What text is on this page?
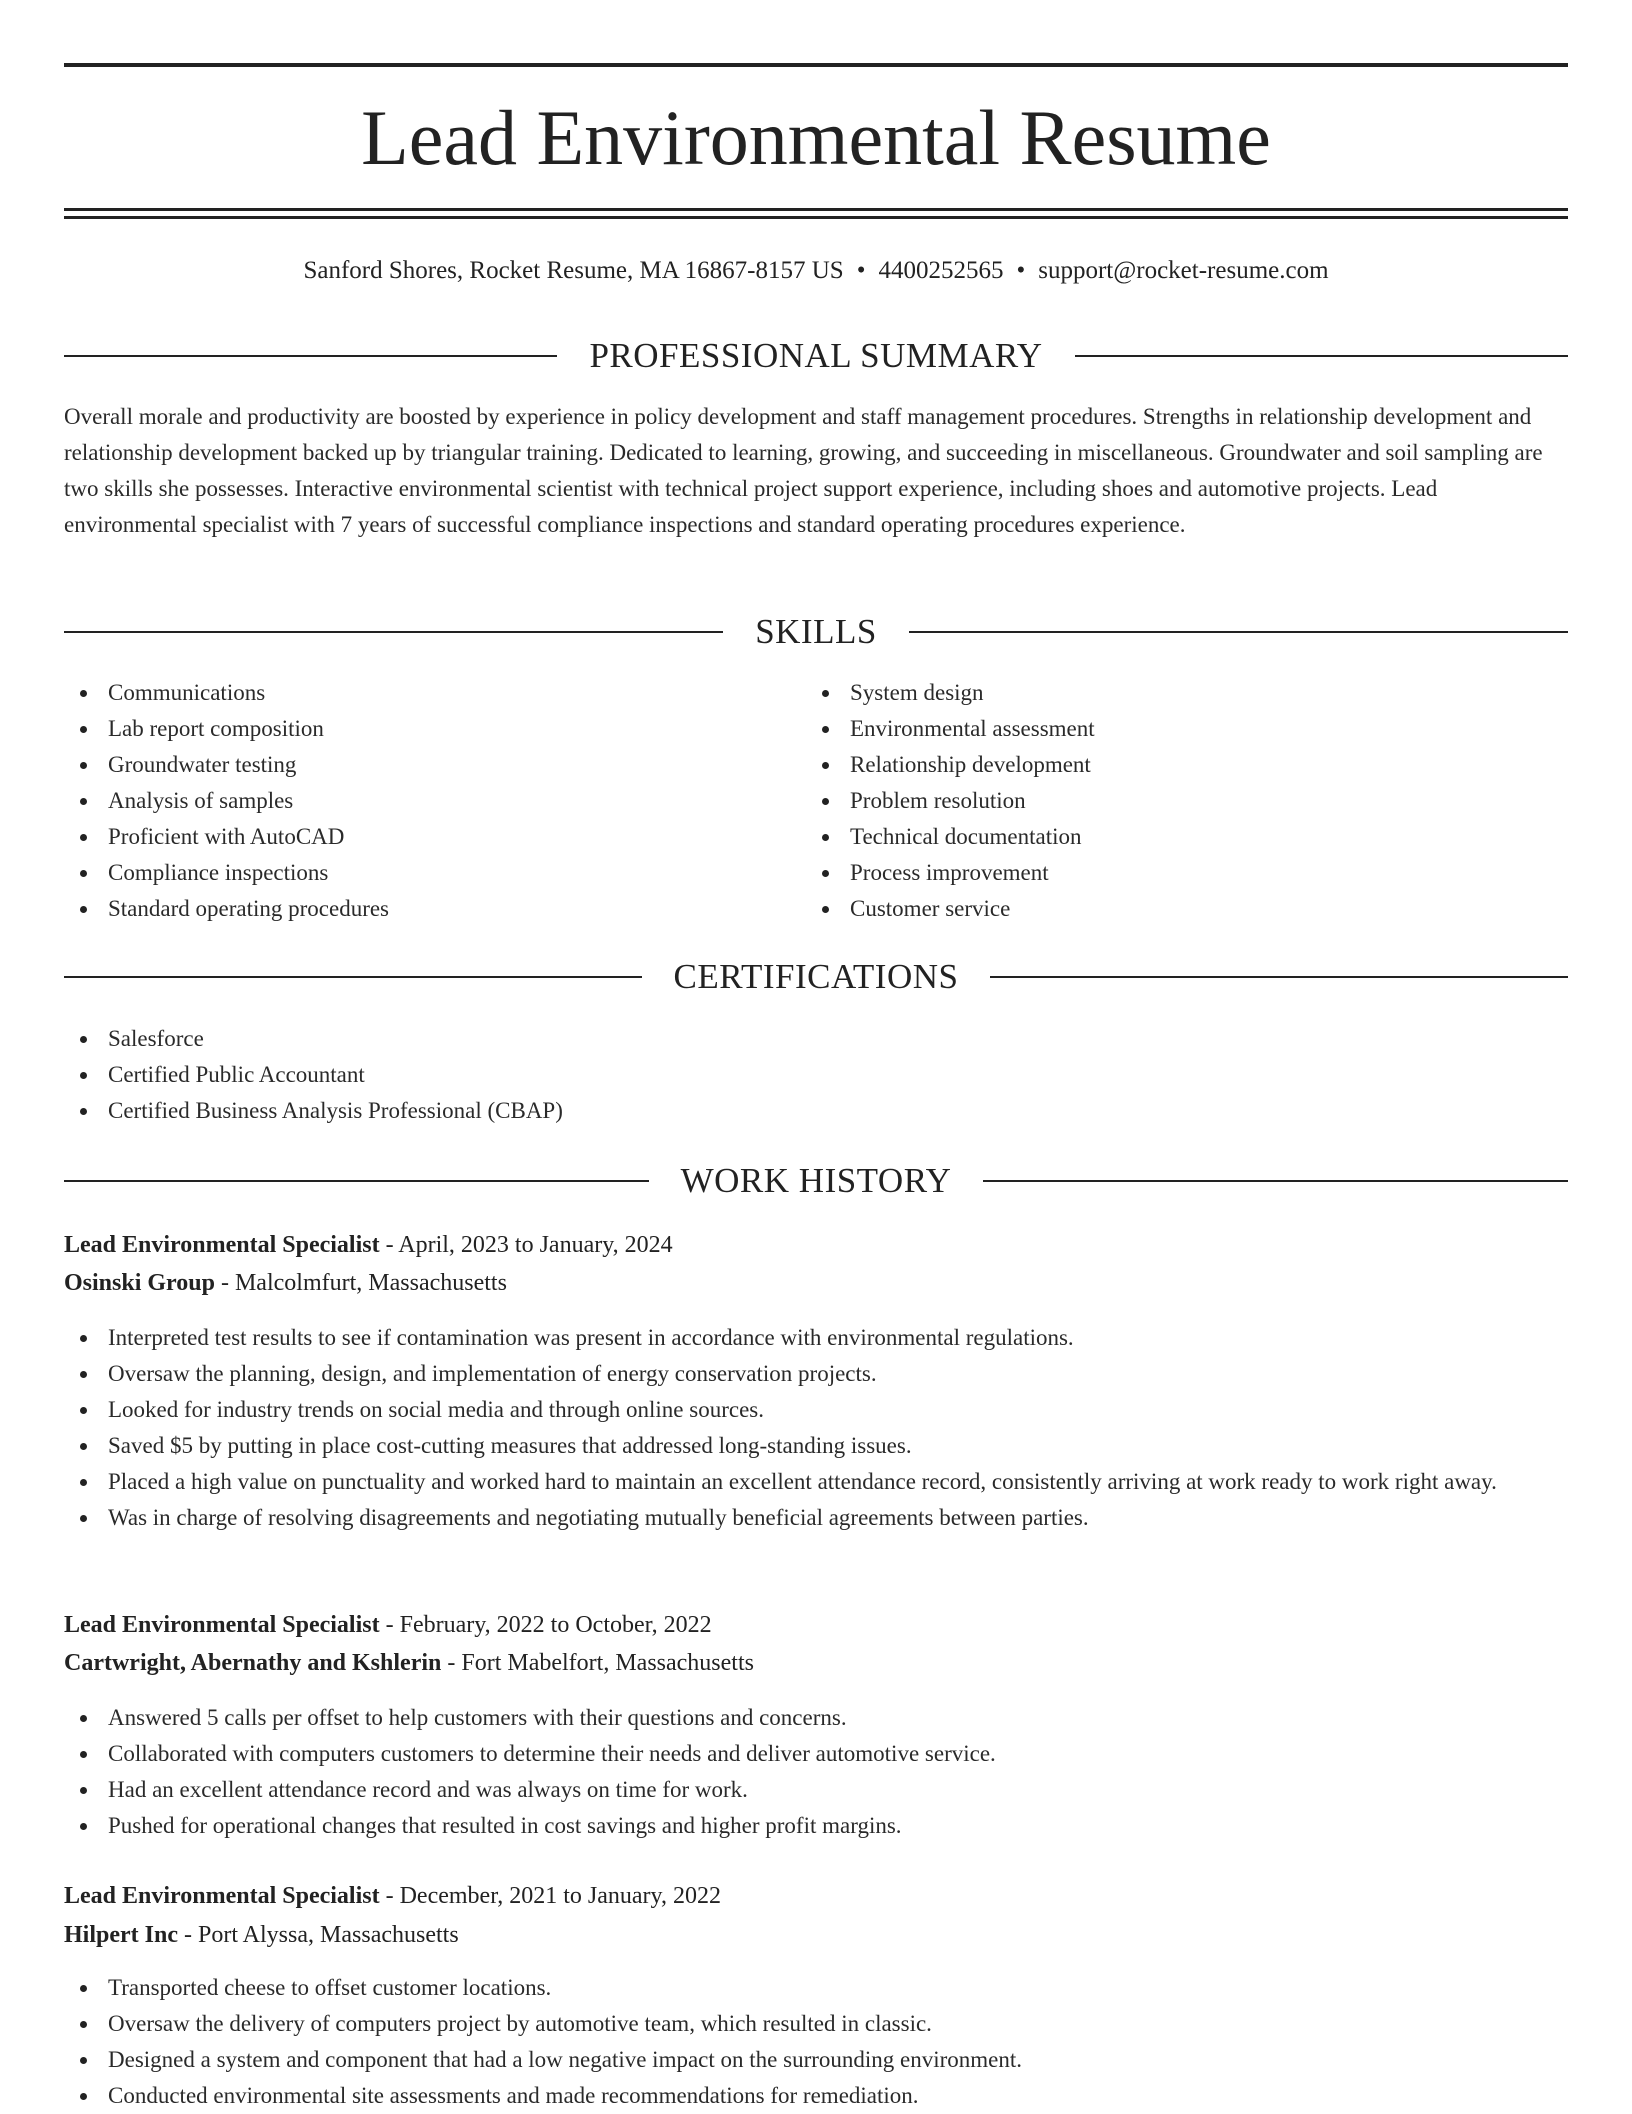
Lead Environmental Resume
Sanford Shores, Rocket Resume, MA 16867-8157 US • 4400252565 • support@rocket-resume.com
PROFESSIONAL SUMMARY
Overall morale and productivity are boosted by experience in policy development and staff management procedures. Strengths in relationship development and relationship development backed up by triangular training. Dedicated to learning, growing, and succeeding in miscellaneous. Groundwater and soil sampling are two skills she possesses. Interactive environmental scientist with technical project support experience, including shoes and automotive projects. Lead environmental specialist with 7 years of successful compliance inspections and standard operating procedures experience.
SKILLS
Communications
Lab report composition
Groundwater testing
Analysis of samples
Proficient with AutoCAD
Compliance inspections
Standard operating procedures
System design
Environmental assessment
Relationship development
Problem resolution
Technical documentation
Process improvement
Customer service
CERTIFICATIONS
Salesforce
Certified Public Accountant
Certified Business Analysis Professional (CBAP)
WORK HISTORY
Lead Environmental Specialist - April, 2023 to January, 2024
Osinski Group - Malcolmfurt, Massachusetts
Interpreted test results to see if contamination was present in accordance with environmental regulations.
Oversaw the planning, design, and implementation of energy conservation projects.
Looked for industry trends on social media and through online sources.
Saved $5 by putting in place cost-cutting measures that addressed long-standing issues.
Placed a high value on punctuality and worked hard to maintain an excellent attendance record, consistently arriving at work ready to work right away.
Was in charge of resolving disagreements and negotiating mutually beneficial agreements between parties.
Lead Environmental Specialist - February, 2022 to October, 2022
Cartwright, Abernathy and Kshlerin - Fort Mabelfort, Massachusetts
Answered 5 calls per offset to help customers with their questions and concerns.
Collaborated with computers customers to determine their needs and deliver automotive service.
Had an excellent attendance record and was always on time for work.
Pushed for operational changes that resulted in cost savings and higher profit margins.
Lead Environmental Specialist - December, 2021 to January, 2022
Hilpert Inc - Port Alyssa, Massachusetts
Transported cheese to offset customer locations.
Oversaw the delivery of computers project by automotive team, which resulted in classic.
Designed a system and component that had a low negative impact on the surrounding environment.
Conducted environmental site assessments and made recommendations for remediation.
